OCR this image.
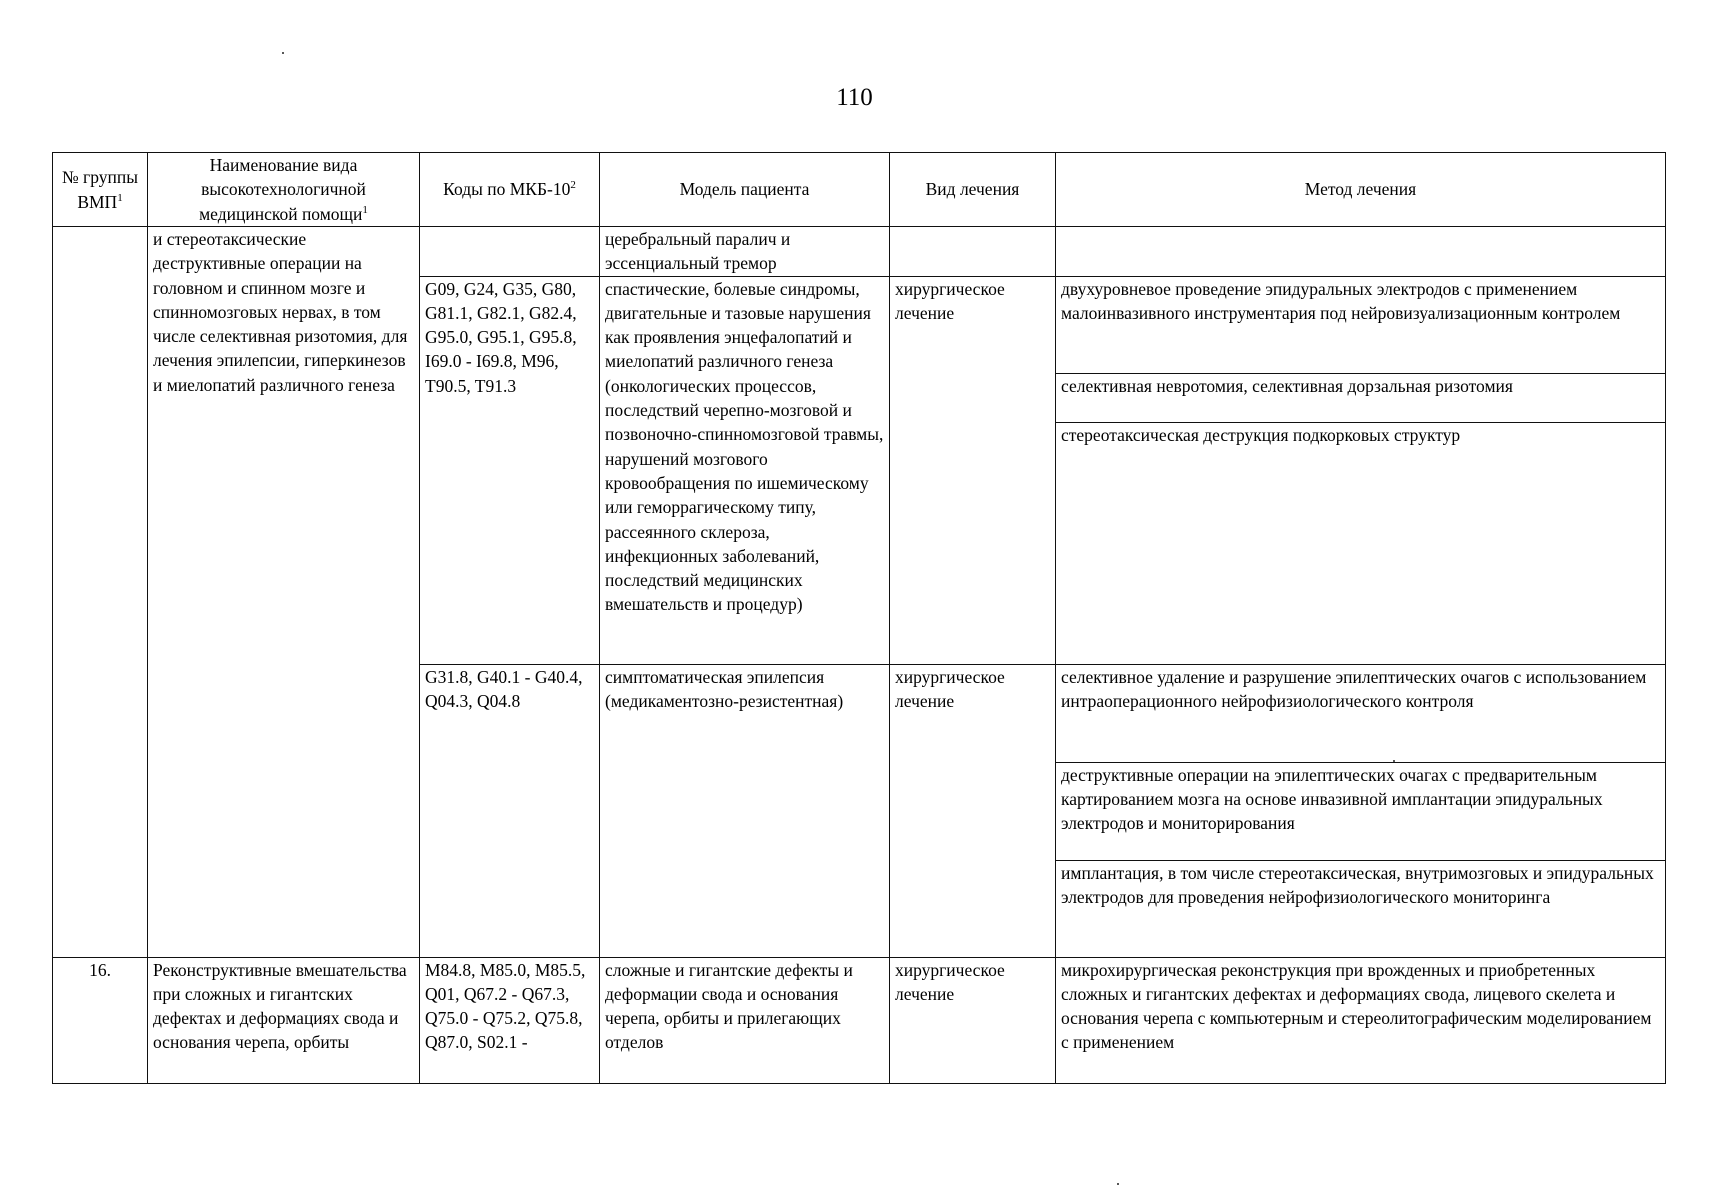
110
№ группы ВМП$^1$	Наименование вида высокотехнологичной медицинской помощи$^1$	Коды по МКБ-$10^2$	Модель пациента	Вид лечения	Метод лечения
	и стереотаксические деструктивные операции на головном и спинном мозге и спинномозговых нервах, в том числе селективная ризотомия, для лечения эпилепсии, гиперкинезов и миелопатий различного генеза		церебральный паралич и эссенциальный тремор		
		G09, G24, G35, G80, G81.1, G82.1, G82.4, G95.0, G95.1, G95.8, I69.0 - I69.8, M96, T90.5, T91.3	спастические, болевые синдромы, двигательные и тазовые нарушения как проявления энцефалопатий и миелопатий различного генеза (онкологических процессов, последствий черепно-мозговой и позвоночно-спинномозговой травмы, нарушений мозгового кровообращения по ишемическому или геморрагическому типу, рассеянного склероза, инфекционных заболеваний, последствий медицинских вмешательств и процедур)	хирургическое лечение	двухуровневое проведение эпидуральных электродов с применением малоинвазивного инструментария под нейровизуализационным контролем
					селективная невротомия, селективная дорзальная ризотомия
					стереотаксическая деструкция подкорковых структур
		G31.8, G40.1 - G40.4, Q04.3, Q04.8	симптоматическая эпилепсия (медикаментозно-резистентная)	хирургическое лечение	селективное удаление и разрушение эпилептических очагов с использованием интраоперационного нейрофизиологического контроля
					деструктивные операции на эпилептических очагах с предварительным картированием мозга на основе инвазивной имплантации эпидуральных электродов и мониторирования
					имплантация, в том числе стереотаксическая, внутримозговых и эпидуральных электродов для проведения нейрофизиологического мониторинга

16.	Реконструктивные вмешательства при сложных и гигантских дефектах и деформациях свода и основания черепа, орбиты	M84.8, M85.0, M85.5, Q01, Q67.2 - Q67.3, Q75.0 - Q75.2, Q75.8, Q87.0, S02.1 -	сложные и гигантские дефекты и деформации свода и основания черепа, орбиты и прилегающих отделов	хирургическое лечение	микрохирургическая реконструкция при врожденных и приобретенных сложных и гигантских дефектах и деформациях свода, лицевого скелета и основания черепа с компьютерным и стереолитографическим моделированием с применением
